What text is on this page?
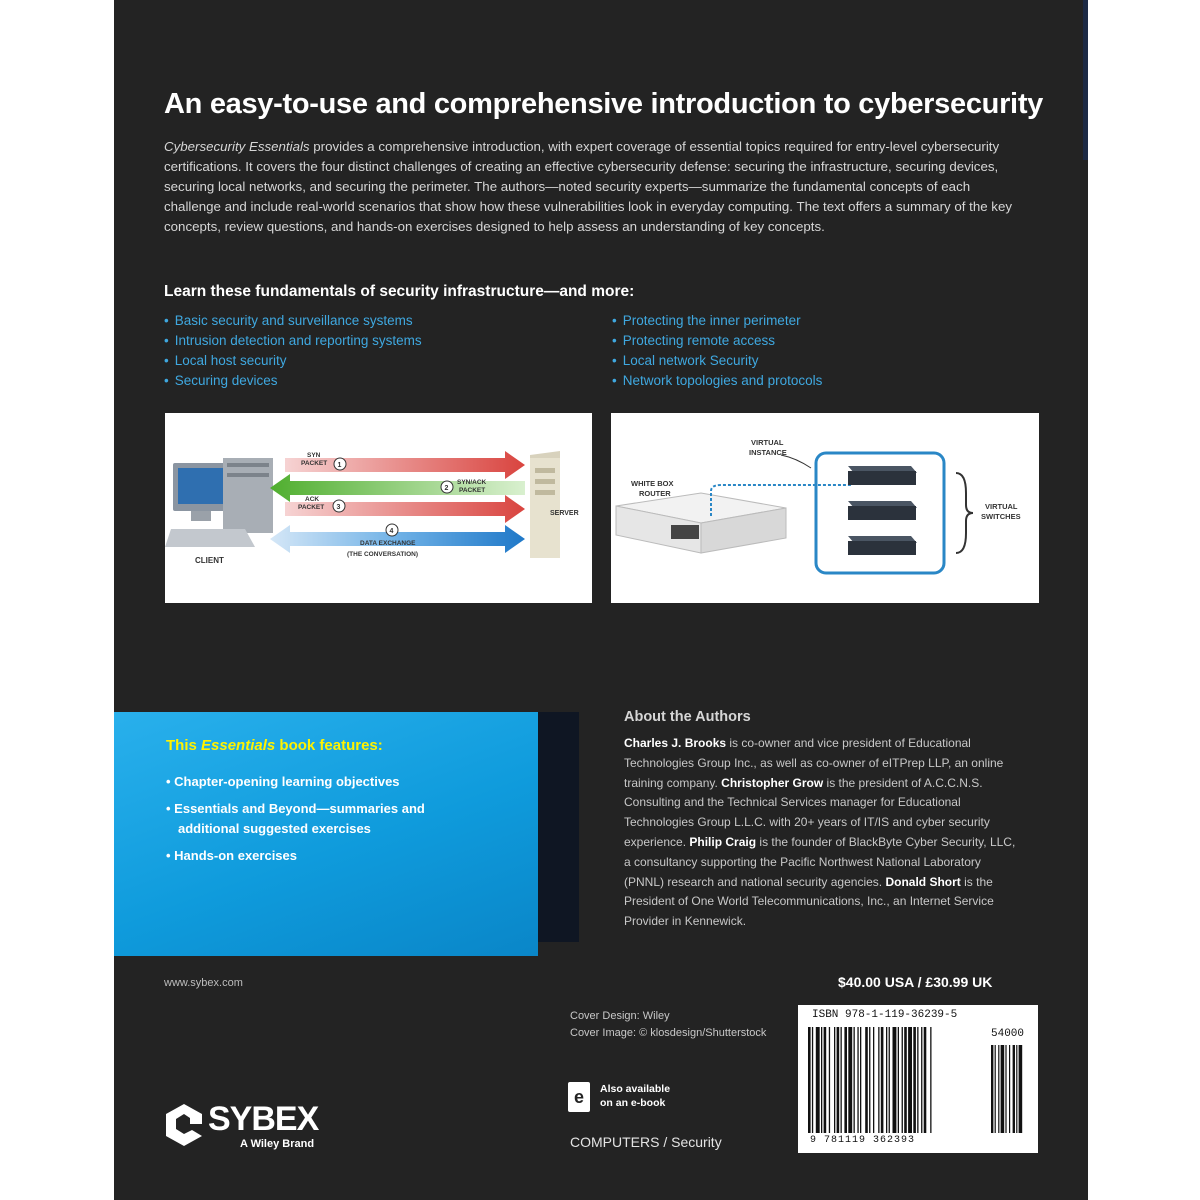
An easy-to-use and comprehensive introduction to cybersecurity
Cybersecurity Essentials provides a comprehensive introduction, with expert coverage of essential topics required for entry-level cybersecurity certifications. It covers the four distinct challenges of creating an effective cybersecurity defense: securing the infrastructure, securing devices, securing local networks, and securing the perimeter. The authors—noted security experts—summarize the fundamental concepts of each challenge and include real-world scenarios that show how these vulnerabilities look in everyday computing. The text offers a summary of the key concepts, review questions, and hands-on exercises designed to help assess an understanding of key concepts.
Learn these fundamentals of security infrastructure—and more:
• Basic security and surveillance systems
• Intrusion detection and reporting systems
• Local host security
• Securing devices
• Protecting the inner perimeter
• Protecting remote access
• Local network Security
• Network topologies and protocols
CLIENT
SERVER
SYN
PACKET 1
2
SYN/ACK
PACKET
ACK
PACKET 3
4
DATA EXCHANGE
(THE CONVERSATION)
VIRTUAL
INSTANCE
WHITE BOX
ROUTER
VIRTUAL
SWITCHES
This Essentials book features:
• Chapter-opening learning objectives
• Essentials and Beyond—summaries and additional suggested exercises
• Hands-on exercises
About the Authors
Charles J. Brooks is co-owner and vice president of Educational Technologies Group Inc., as well as co-owner of eITPrep LLP, an online training company. Christopher Grow is the president of A.C.C.N.S. Consulting and the Technical Services manager for Educational Technologies Group L.L.C. with 20+ years of IT/IS and cyber security experience. Philip Craig is the founder of BlackByte Cyber Security, LLC, a consultancy supporting the Pacific Northwest National Laboratory (PNNL) research and national security agencies. Donald Short is the President of One World Telecommunications, Inc., an Internet Service Provider in Kennewick.
www.sybex.com	$40.00 USA / £30.99 UK
Cover Design: Wiley
Cover Image: © klosdesign/Shutterstock
e	Also available
on an e-book
COMPUTERS / Security
ISBN 978-1-119-36239-5
54000
9 781119 362393
SYBEX
A Wiley Brand
